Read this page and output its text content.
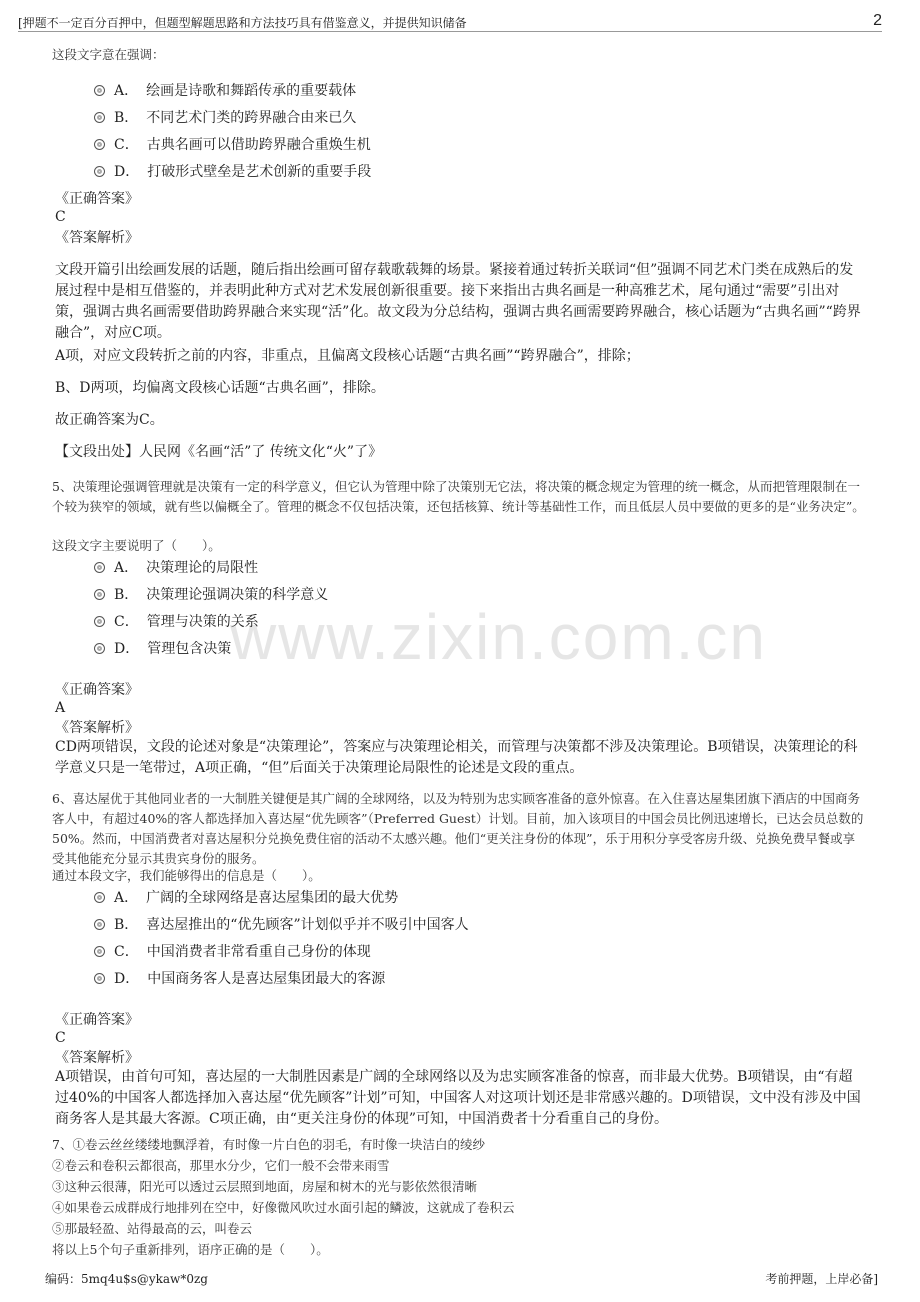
[押题不一定百分百押中，但题型解题思路和方法技巧具有借鉴意义，并提供知识储备	2
www.zixin.com.cn
这段文字意在强调：
A． 绘画是诗歌和舞蹈传承的重要载体
B． 不同艺术门类的跨界融合由来已久
C． 古典名画可以借助跨界融合重焕生机
D． 打破形式壁垒是艺术创新的重要手段
《正确答案》
C
《答案解析》
文段开篇引出绘画发展的话题，随后指出绘画可留存载歌载舞的场景。紧接着通过转折关联词“但”强调不同艺术门类在成熟后的发展过程中是相互借鉴的，并表明此种方式对艺术发展创新很重要。接下来指出古典名画是一种高雅艺术，尾句通过“需要”引出对策，强调古典名画需要借助跨界融合来实现“活”化。故文段为分总结构，强调古典名画需要跨界融合，核心话题为“古典名画”“跨界融合”，对应C项。
A项，对应文段转折之前的内容，非重点，且偏离文段核心话题“古典名画”“跨界融合”，排除；
B、D两项，均偏离文段核心话题“古典名画”，排除。
故正确答案为C。
【文段出处】人民网《名画“活”了 传统文化“火”了》
5、决策理论强调管理就是决策有一定的科学意义，但它认为管理中除了决策别无它法，将决策的概念规定为管理的统一概念，从而把管理限制在一个较为狭窄的领域，就有些以偏概全了。管理的概念不仅包括决策，还包括核算、统计等基础性工作，而且低层人员中要做的更多的是“业务决定”。
这段文字主要说明了（　　）。
A． 决策理论的局限性
B． 决策理论强调决策的科学意义
C． 管理与决策的关系
D． 管理包含决策
《正确答案》
A
《答案解析》
CD两项错误，文段的论述对象是“决策理论”，答案应与决策理论相关，而管理与决策都不涉及决策理论。B项错误，决策理论的科学意义只是一笔带过，A项正确，“但”后面关于决策理论局限性的论述是文段的重点。
6、喜达屋优于其他同业者的一大制胜关键便是其广阔的全球网络，以及为特别为忠实顾客准备的意外惊喜。在入住喜达屋集团旗下酒店的中国商务客人中，有超过40%的客人都选择加入喜达屋“优先顾客”（Preferred Guest）计划。目前，加入该项目的中国会员比例迅速增长，已达会员总数的50%。然而，中国消费者对喜达屋积分兑换免费住宿的活动不太感兴趣。他们“更关注身份的体现”，乐于用积分享受客房升级、兑换免费早餐或享受其他能充分显示其贵宾身份的服务。
通过本段文字，我们能够得出的信息是（　　）。
A． 广阔的全球网络是喜达屋集团的最大优势
B． 喜达屋推出的“优先顾客”计划似乎并不吸引中国客人
C． 中国消费者非常看重自己身份的体现
D． 中国商务客人是喜达屋集团最大的客源
《正确答案》
C
《答案解析》
A项错误，由首句可知，喜达屋的一大制胜因素是广阔的全球网络以及为忠实顾客准备的惊喜，而非最大优势。B项错误，由“有超过40%的中国客人都选择加入喜达屋“优先顾客”计划”可知，中国客人对这项计划还是非常感兴趣的。D项错误，文中没有涉及中国商务客人是其最大客源。C项正确，由“更关注身份的体现”可知，中国消费者十分看重自己的身份。
7、①卷云丝丝缕缕地飘浮着，有时像一片白色的羽毛，有时像一块洁白的绫纱
②卷云和卷积云都很高，那里水分少，它们一般不会带来雨雪
③这种云很薄，阳光可以透过云层照到地面，房屋和树木的光与影依然很清晰
④如果卷云成群成行地排列在空中，好像微风吹过水面引起的鳞波，这就成了卷积云
⑤那最轻盈、站得最高的云，叫卷云
将以上5个句子重新排列，语序正确的是（　　）。
编码：5mq4u$s@ykaw*0zg	考前押题，上岸必备]
